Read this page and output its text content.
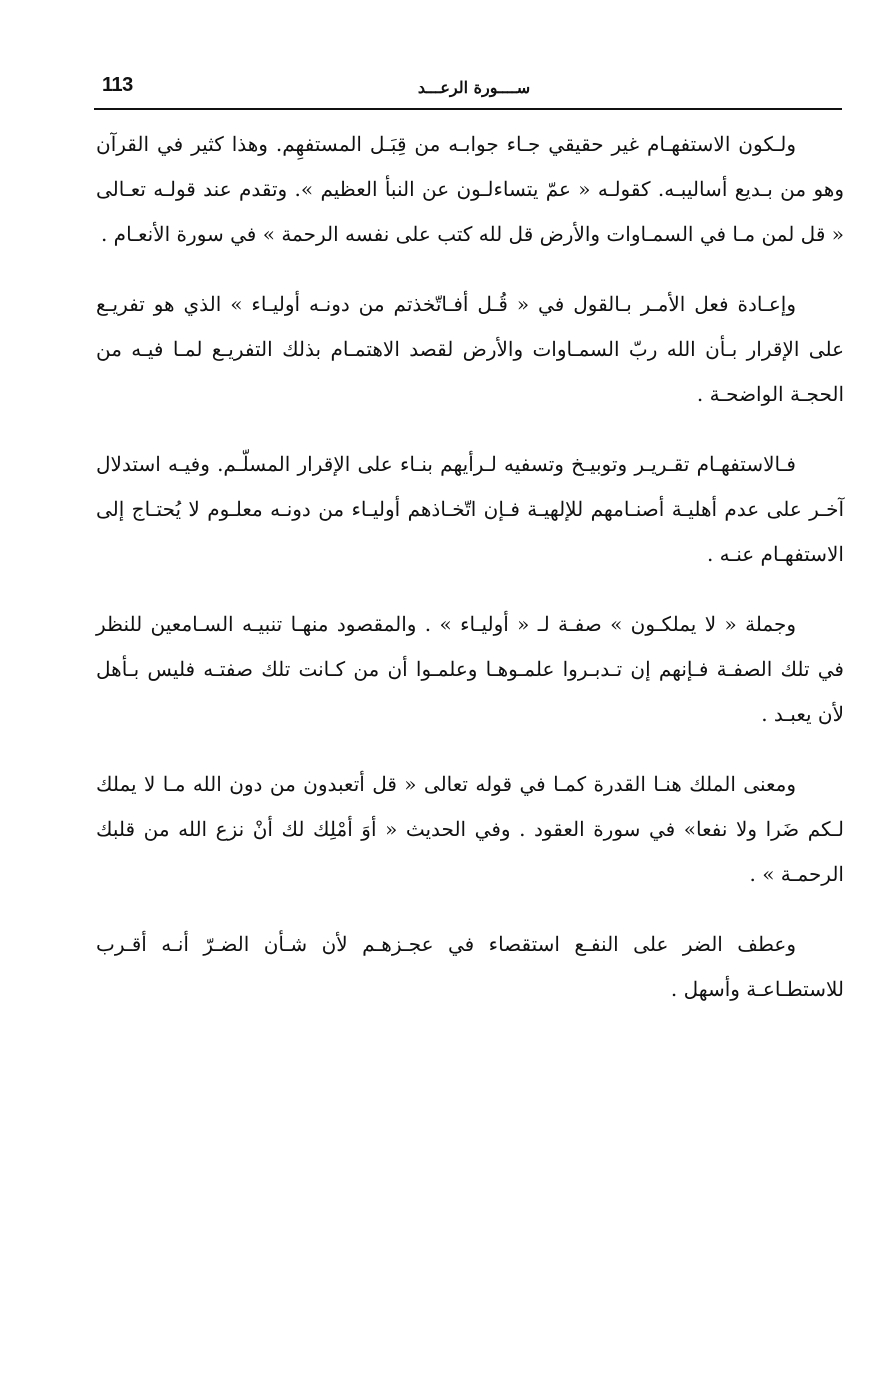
113	ســــورة الرعـــد

ولـكون الاستفهـام غير حقيقي جـاء جوابـه من قِبَـل المستفهِم. وهذا كثير في القرآن وهو من بـديع أساليبـه. كقولـه « عمّ يتساءلـون عن النبأ العظيم ». وتقدم عند قولـه تعـالى « قل لمن مـا في السمـاوات والأرض قل لله كتب على نفسه الرحمة » في سورة الأنعـام .

وإعـادة فعل الأمـر بـالقول في « قُـل أفـاتّخذتم من دونـه أوليـاء » الذي هو تفريـع على الإقرار بـأن الله ربّ السمـاوات والأرض لقصد الاهتمـام بذلك التفريـع لمـا فيـه من الحجـة الواضحـة .

فـالاستفهـام تقـريـر وتوبيـخ وتسفيه لـرأيهم بنـاء على الإقرار المسلّـم. وفيـه استدلال آخـر على عدم أهليـة أصنـامهم للإلهيـة فـإن اتّخـاذهم أوليـاء من دونـه معلـوم لا يُحتـاج إلى الاستفهـام عنـه .

وجملة « لا يملكـون » صفـة لـ « أوليـاء » . والمقصود منهـا تنبيـه السـامعين للنظر في تلك الصفـة فـإنهم إن تـدبـروا علمـوهـا وعلمـوا أن من كـانت تلك صفتـه فليس بـأهل لأن يعبـد .

ومعنى الملك هنـا القدرة كمـا في قوله تعالى « قل أتعبدون من دون الله مـا لا يملك لـكم ضَرا ولا نفعا» في سورة العقود . وفي الحديث « أوَ أمْلِك لك أنْ نزع الله من قلبك الرحمـة » .

وعطف الضر على النفـع استقصاء في عجـزهـم لأن شـأن الضـرّ أنـه أقـرب للاستطـاعـة وأسهل .
